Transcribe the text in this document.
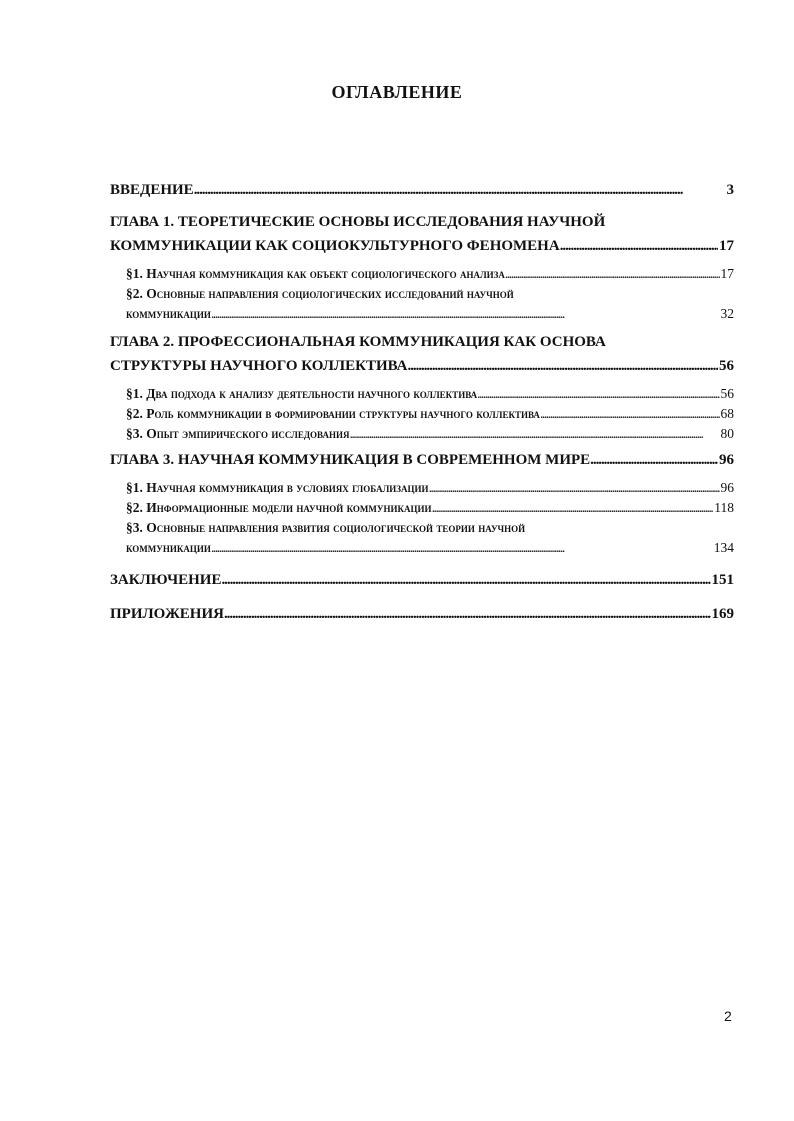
ОГЛАВЛЕНИЕ
ВВЕДЕНИЕ . . .	3
ГЛАВА 1. ТЕОРЕТИЧЕСКИЕ ОСНОВЫ ИССЛЕДОВАНИЯ НАУЧНОЙ
КОММУНИКАЦИИ КАК СОЦИОКУЛЬТУРНОГО ФЕНОМЕНА . . .	17
§1. Научная коммуникация как объект социологического анализа . . .	17
§2. Основные направления социологических исследований научной
коммуникации . . .	32
ГЛАВА 2. ПРОФЕССИОНАЛЬНАЯ КОММУНИКАЦИЯ КАК ОСНОВА
СТРУКТУРЫ НАУЧНОГО КОЛЛЕКТИВА . . .	56
§1. Два подхода к анализу деятельности научного коллектива . . .	56
§2. Роль коммуникации в формировании структуры научного коллектива . . .	68
§3. Опыт эмпирического исследования . . .	80
ГЛАВА 3. НАУЧНАЯ КОММУНИКАЦИЯ В СОВРЕМЕННОМ МИРЕ . . .	96
§1. Научная коммуникация в условиях глобализации . . .	96
§2. Информационные модели научной коммуникации . . .	118
§3. Основные направления развития социологической теории научной
коммуникации . . .	134
ЗАКЛЮЧЕНИЕ . . .	151
ПРИЛОЖЕНИЯ . . .	169
2
